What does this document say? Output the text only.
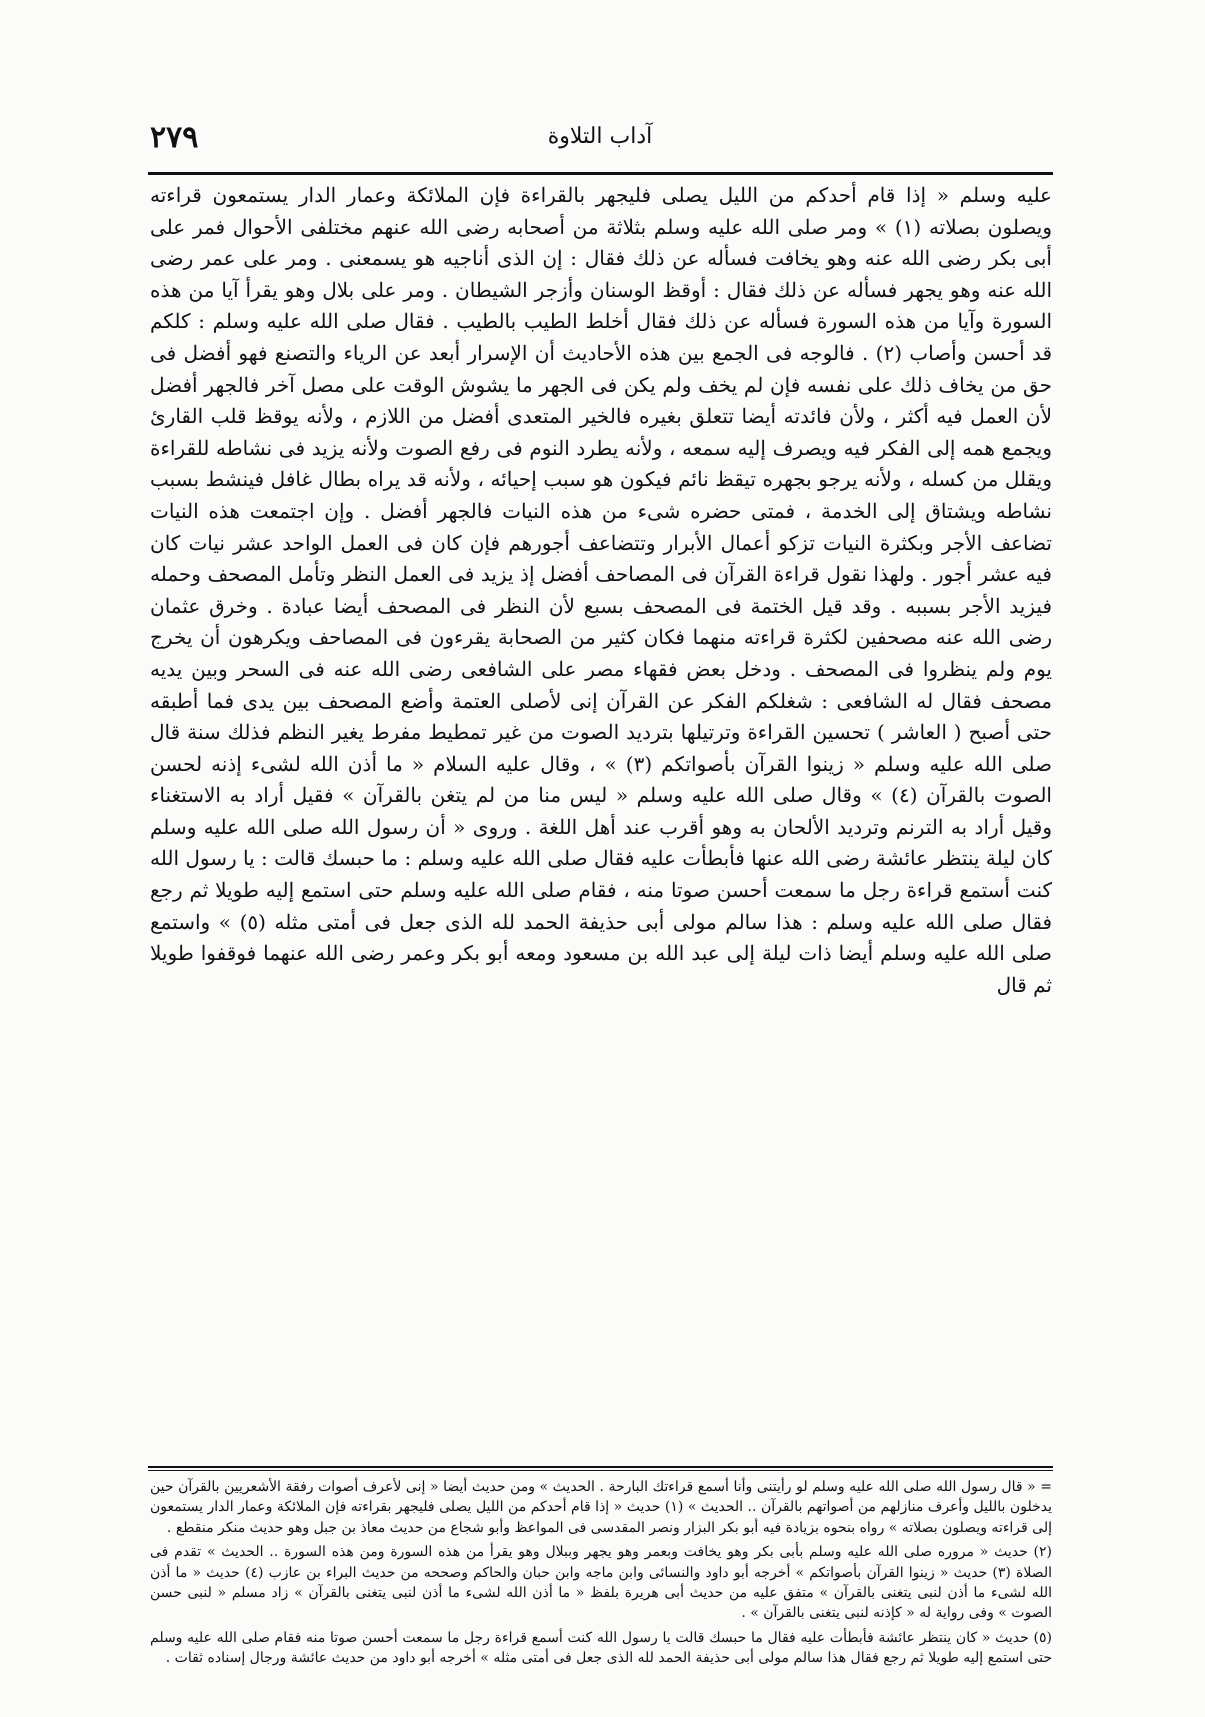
٢٧٩	آداب التلاوة

عليه وسلم « إذا قام أحدكم من الليل يصلى فليجهر بالقراءة فإن الملائكة وعمار الدار يستمعون قراءته ويصلون بصلاته (١) » ومر صلى الله عليه وسلم بثلاثة من أصحابه رضى الله عنهم مختلفى الأحوال فمر على أبى بكر رضى الله عنه وهو يخافت فسأله عن ذلك فقال : إن الذى أناجيه هو يسمعنى . ومر على عمر رضى الله عنه وهو يجهر فسأله عن ذلك فقال : أوقظ الوسنان وأزجر الشيطان . ومر على بلال وهو يقرأ آيا من هذه السورة وآيا من هذه السورة فسأله عن ذلك فقال أخلط الطيب بالطيب . فقال صلى الله عليه وسلم : كلكم قد أحسن وأصاب (٢) . فالوجه فى الجمع بين هذه الأحاديث أن الإسرار أبعد عن الرياء والتصنع فهو أفضل فى حق من يخاف ذلك على نفسه فإن لم يخف ولم يكن فى الجهر ما يشوش الوقت على مصل آخر فالجهر أفضل لأن العمل فيه أكثر ، ولأن فائدته أيضا تتعلق بغيره فالخير المتعدى أفضل من اللازم ، ولأنه يوقظ قلب القارئ ويجمع همه إلى الفكر فيه ويصرف إليه سمعه ، ولأنه يطرد النوم فى رفع الصوت ولأنه يزيد فى نشاطه للقراءة ويقلل من كسله ، ولأنه يرجو بجهره تيقظ نائم فيكون هو سبب إحيائه ، ولأنه قد يراه بطال غافل فينشط بسبب نشاطه ويشتاق إلى الخدمة ، فمتى حضره شىء من هذه النيات فالجهر أفضل . وإن اجتمعت هذه النيات تضاعف الأجر وبكثرة النيات تزكو أعمال الأبرار وتتضاعف أجورهم فإن كان فى العمل الواحد عشر نيات كان فيه عشر أجور . ولهذا نقول قراءة القرآن فى المصاحف أفضل إذ يزيد فى العمل النظر وتأمل المصحف وحمله فيزيد الأجر بسببه . وقد قيل الختمة فى المصحف بسبع لأن النظر فى المصحف أيضا عبادة . وخرق عثمان رضى الله عنه مصحفين لكثرة قراءته منهما فكان كثير من الصحابة يقرءون فى المصاحف ويكرهون أن يخرج يوم ولم ينظروا فى المصحف . ودخل بعض فقهاء مصر على الشافعى رضى الله عنه فى السحر وبين يديه مصحف فقال له الشافعى : شغلكم الفكر عن القرآن إنى لأصلى العتمة وأضع المصحف بين يدى فما أطبقه حتى أصبح ( العاشر ) تحسين القراءة وترتيلها بترديد الصوت من غير تمطيط مفرط يغير النظم فذلك سنة قال صلى الله عليه وسلم « زينوا القرآن بأصواتكم (٣) » ، وقال عليه السلام « ما أذن الله لشىء إذنه لحسن الصوت بالقرآن (٤) » وقال صلى الله عليه وسلم « ليس منا من لم يتغن بالقرآن » فقيل أراد به الاستغناء وقيل أراد به الترنم وترديد الألحان به وهو أقرب عند أهل اللغة . وروى « أن رسول الله صلى الله عليه وسلم كان ليلة ينتظر عائشة رضى الله عنها فأبطأت عليه فقال صلى الله عليه وسلم : ما حبسك قالت : يا رسول الله كنت أستمع قراءة رجل ما سمعت أحسن صوتا منه ، فقام صلى الله عليه وسلم حتى استمع إليه طويلا ثم رجع فقال صلى الله عليه وسلم : هذا سالم مولى أبى حذيفة الحمد لله الذى جعل فى أمتى مثله (٥) » واستمع صلى الله عليه وسلم أيضا ذات ليلة إلى عبد الله بن مسعود ومعه أبو بكر وعمر رضى الله عنهما فوقفوا طويلا ثم قال

= « قال رسول الله صلى الله عليه وسلم لو رأيتنى وأنا أسمع قراءتك البارحة . الحديث » ومن حديث أيضا « إنى لأعرف أصوات رفقة الأشعريين بالقرآن حين يدخلون بالليل وأعرف منازلهم من أصواتهم بالقرآن .. الحديث » (١) حديث « إذا قام أحدكم من الليل يصلى فليجهر بقراءته فإن الملائكة وعمار الدار يستمعون إلى قراءته ويصلون بصلاته » رواه بنحوه بزيادة فيه أبو بكر البزار ونصر المقدسى فى المواعظ وأبو شجاع من حديث معاذ بن جبل وهو حديث منكر منقطع .

(٢) حديث « مروره صلى الله عليه وسلم بأبى بكر وهو يخافت وبعمر وهو يجهر وببلال وهو يقرأ من هذه السورة ومن هذه السورة .. الحديث » تقدم فى الصلاة (٣) حديث « زينوا القرآن بأصواتكم » أخرجه أبو داود والنسائى وابن ماجه وابن حبان والحاكم وصححه من حديث البراء بن عازب (٤) حديث « ما أذن الله لشىء ما أذن لنبى يتغنى بالقرآن » متفق عليه من حديث أبى هريرة بلفظ « ما أذن الله لشىء ما أذن لنبى يتغنى بالقرآن » زاد مسلم « لنبى حسن الصوت » وفى رواية له « كإذنه لنبى يتغنى بالقرآن » .

(٥) حديث « كان ينتظر عائشة فأبطأت عليه فقال ما حبسك قالت يا رسول الله كنت أسمع قراءة رجل ما سمعت أحسن صوتا منه فقام صلى الله عليه وسلم حتى استمع إليه طويلا ثم رجع فقال هذا سالم مولى أبى حذيفة الحمد لله الذى جعل فى أمتى مثله » أخرجه أبو داود من حديث عائشة ورجال إسناده ثقات .
